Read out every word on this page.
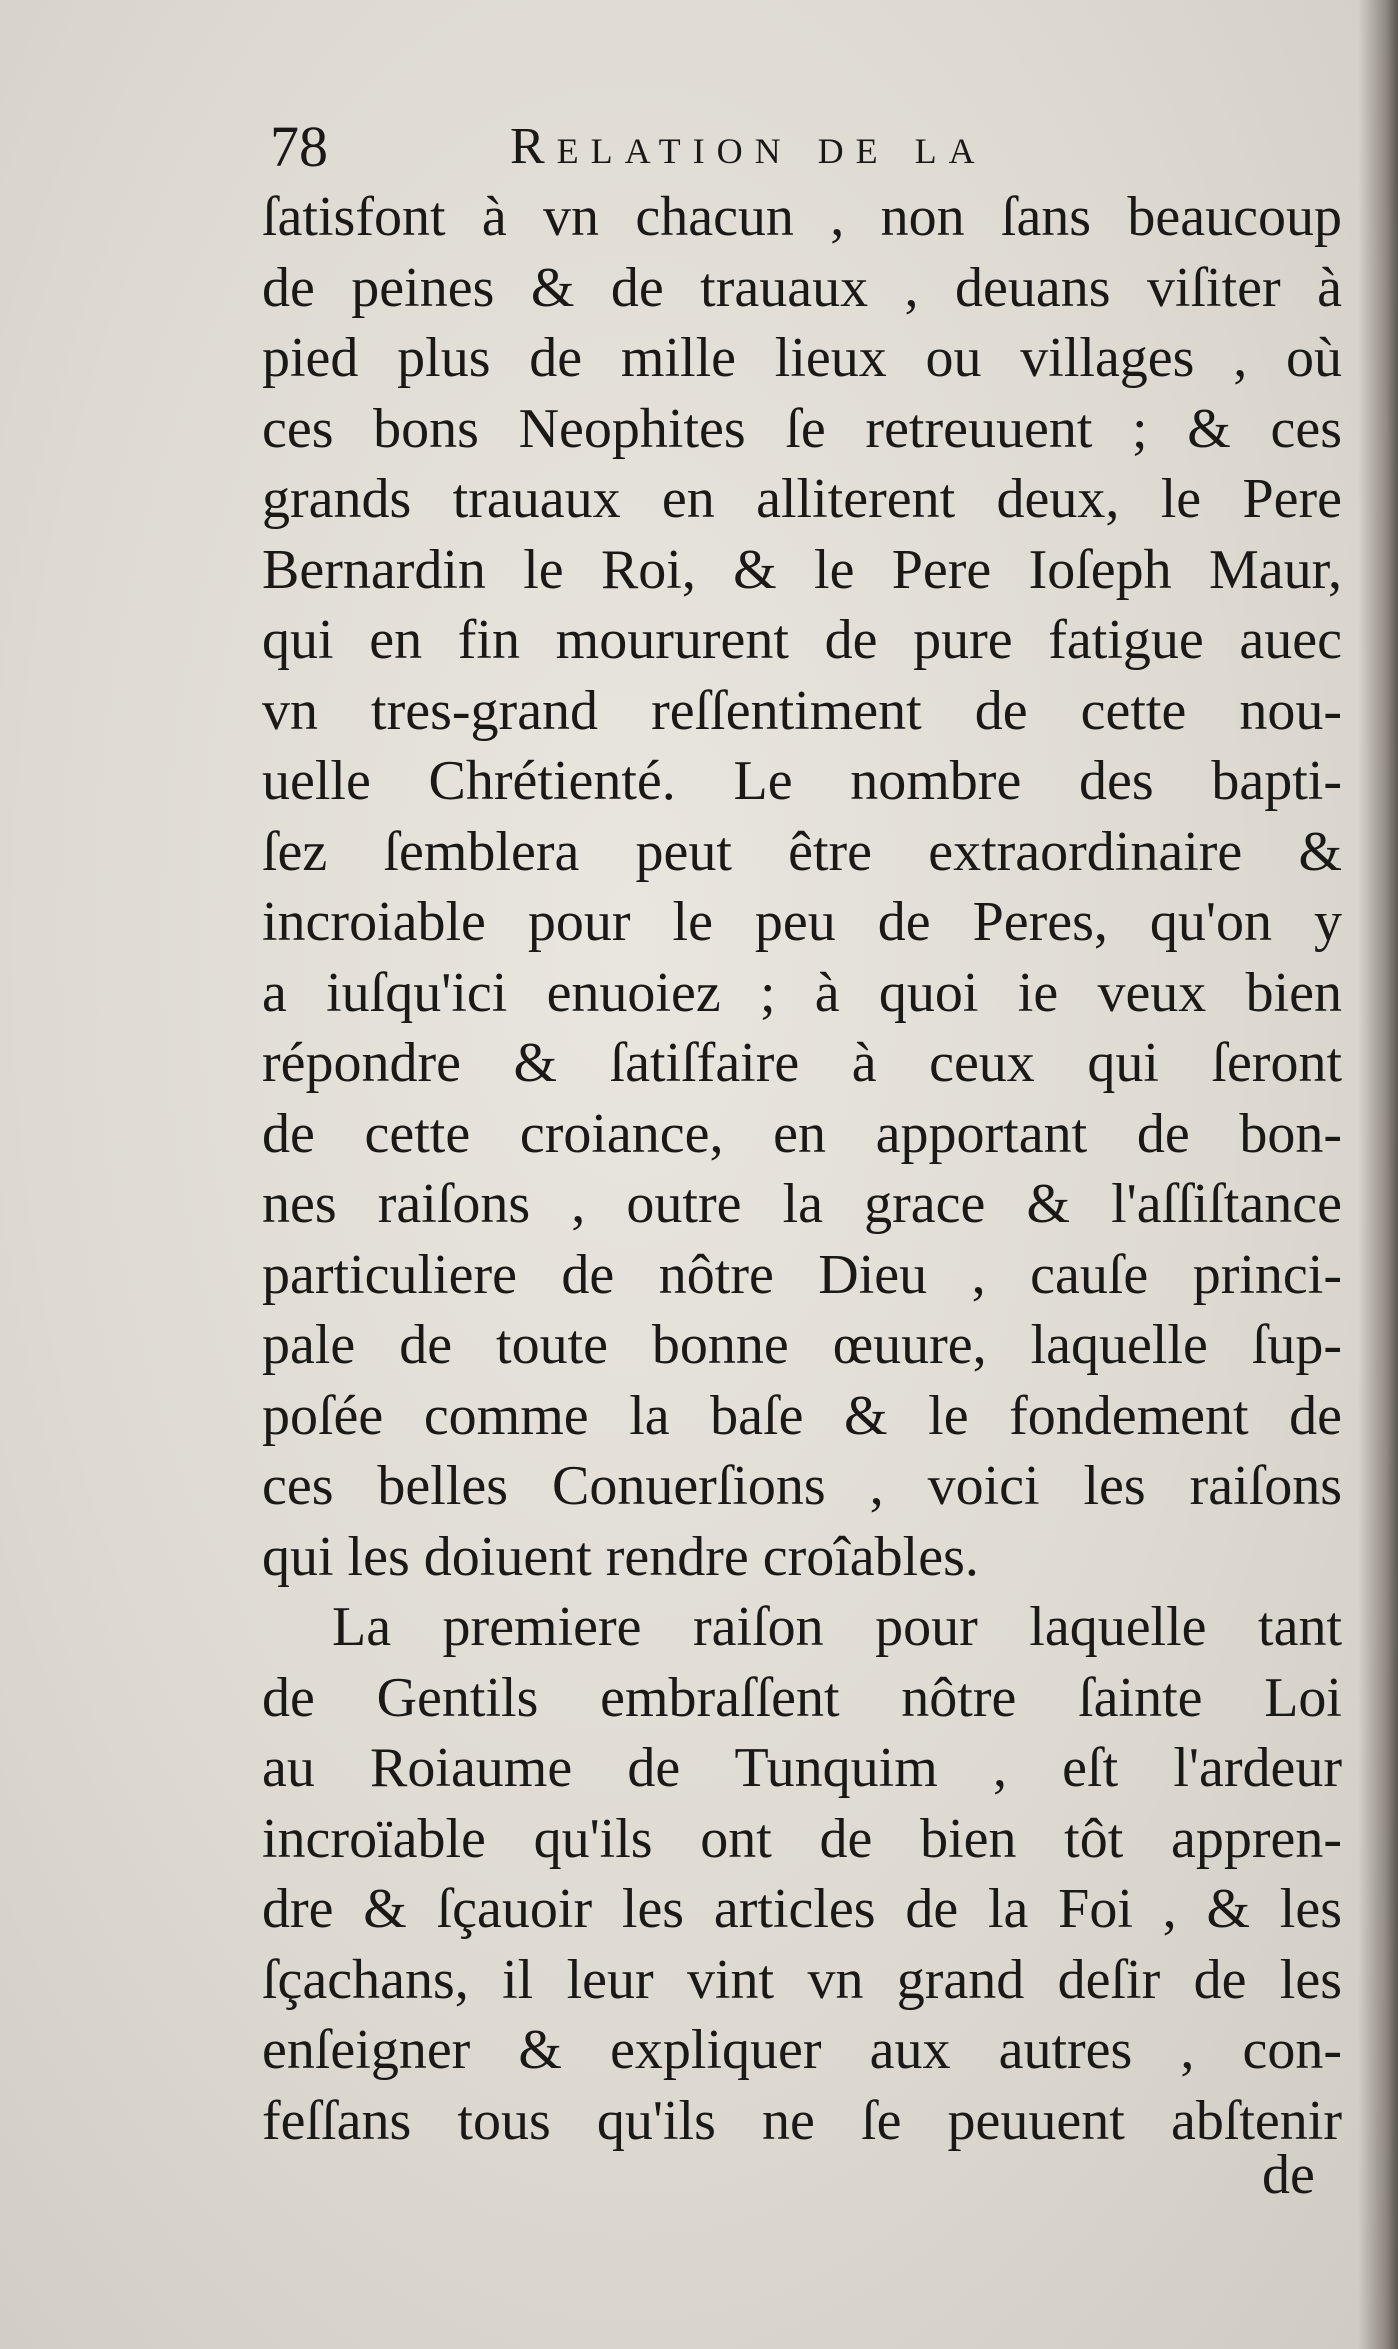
78	Relation de la
ſatisfont à vn chacun , non ſans beaucoup
de peines & de trauaux , deuans viſiter à
pied plus de mille lieux ou villages , où
ces bons Neophites ſe retreuuent ; & ces
grands trauaux en alliterent deux, le Pere
Bernardin le Roi, & le Pere Ioſeph Maur,
qui en fin moururent de pure fatigue auec
vn tres-grand reſſentiment de cette nou-
uelle Chrétienté. Le nombre des bapti-
ſez ſemblera peut être extraordinaire &
incroiable pour le peu de Peres, qu'on y
a iuſqu'ici enuoiez ; à quoi ie veux bien
répondre & ſatiſfaire à ceux qui ſeront
de cette croiance, en apportant de bon-
nes raiſons , outre la grace & l'aſſiſtance
particuliere de nôtre Dieu , cauſe princi-
pale de toute bonne œuure, laquelle ſup-
poſée comme la baſe & le fondement de
ces belles Conuerſions , voici les raiſons
qui les doiuent rendre croîables.
La premiere raiſon pour laquelle tant
de Gentils embraſſent nôtre ſainte Loi
au Roiaume de Tunquim , eſt l'ardeur
incroïable qu'ils ont de bien tôt appren-
dre & ſçauoir les articles de la Foi , & les
ſçachans, il leur vint vn grand deſir de les
enſeigner & expliquer aux autres , con-
feſſans tous qu'ils ne ſe peuuent abſtenir
de
